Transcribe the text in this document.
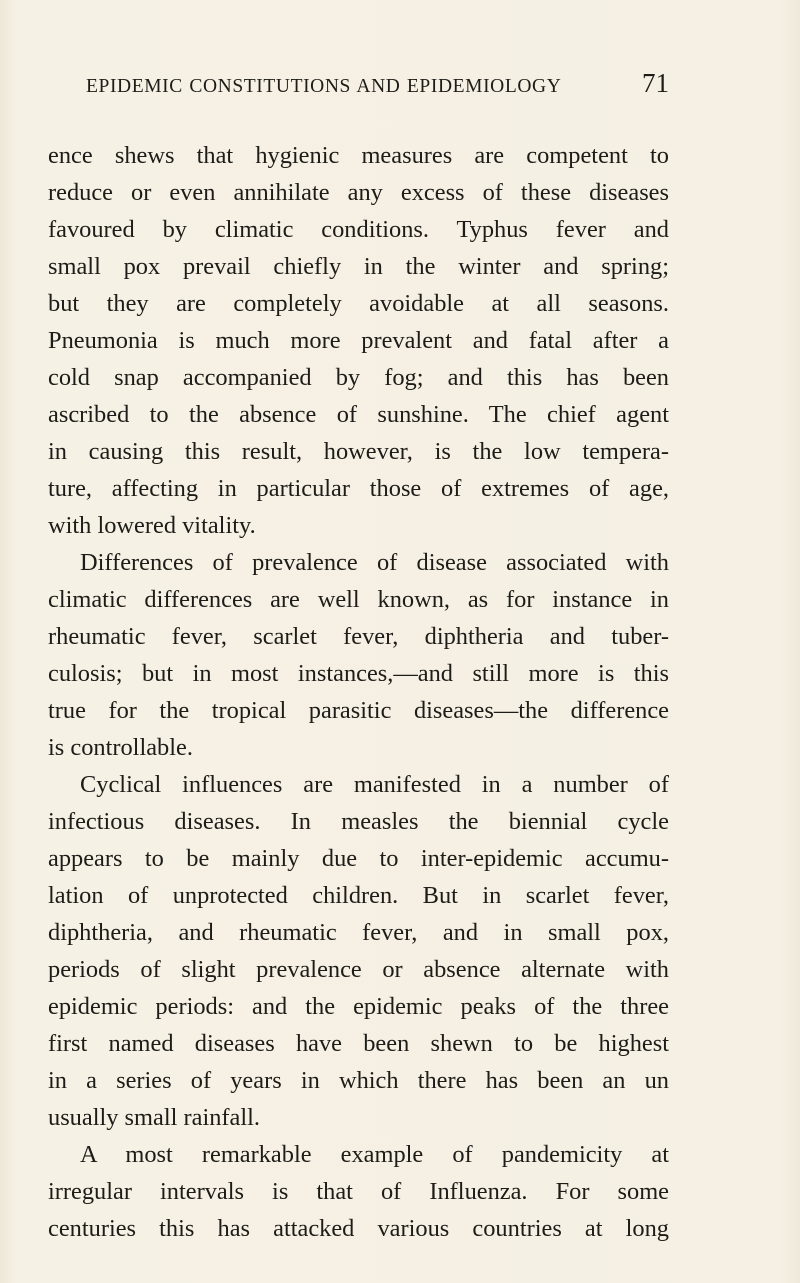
EPIDEMIC CONSTITUTIONS AND EPIDEMIOLOGY	71
ence shews that hygienic measures are competent to
reduce or even annihilate any excess of these diseases
favoured by climatic conditions. Typhus fever and
small pox prevail chiefly in the winter and spring;
but they are completely avoidable at all seasons.
Pneumonia is much more prevalent and fatal after a
cold snap accompanied by fog; and this has been
ascribed to the absence of sunshine. The chief agent
in causing this result, however, is the low tempera-
ture, affecting in particular those of extremes of age,
with lowered vitality.
Differences of prevalence of disease associated with
climatic differences are well known, as for instance in
rheumatic fever, scarlet fever, diphtheria and tuber-
culosis; but in most instances,—and still more is this
true for the tropical parasitic diseases—the difference
is controllable.
Cyclical influences are manifested in a number of
infectious diseases. In measles the biennial cycle
appears to be mainly due to inter-epidemic accumu-
lation of unprotected children. But in scarlet fever,
diphtheria, and rheumatic fever, and in small pox,
periods of slight prevalence or absence alternate with
epidemic periods: and the epidemic peaks of the three
first named diseases have been shewn to be highest
in a series of years in which there has been an un
usually small rainfall.
A most remarkable example of pandemicity at
irregular intervals is that of Influenza. For some
centuries this has attacked various countries at long
